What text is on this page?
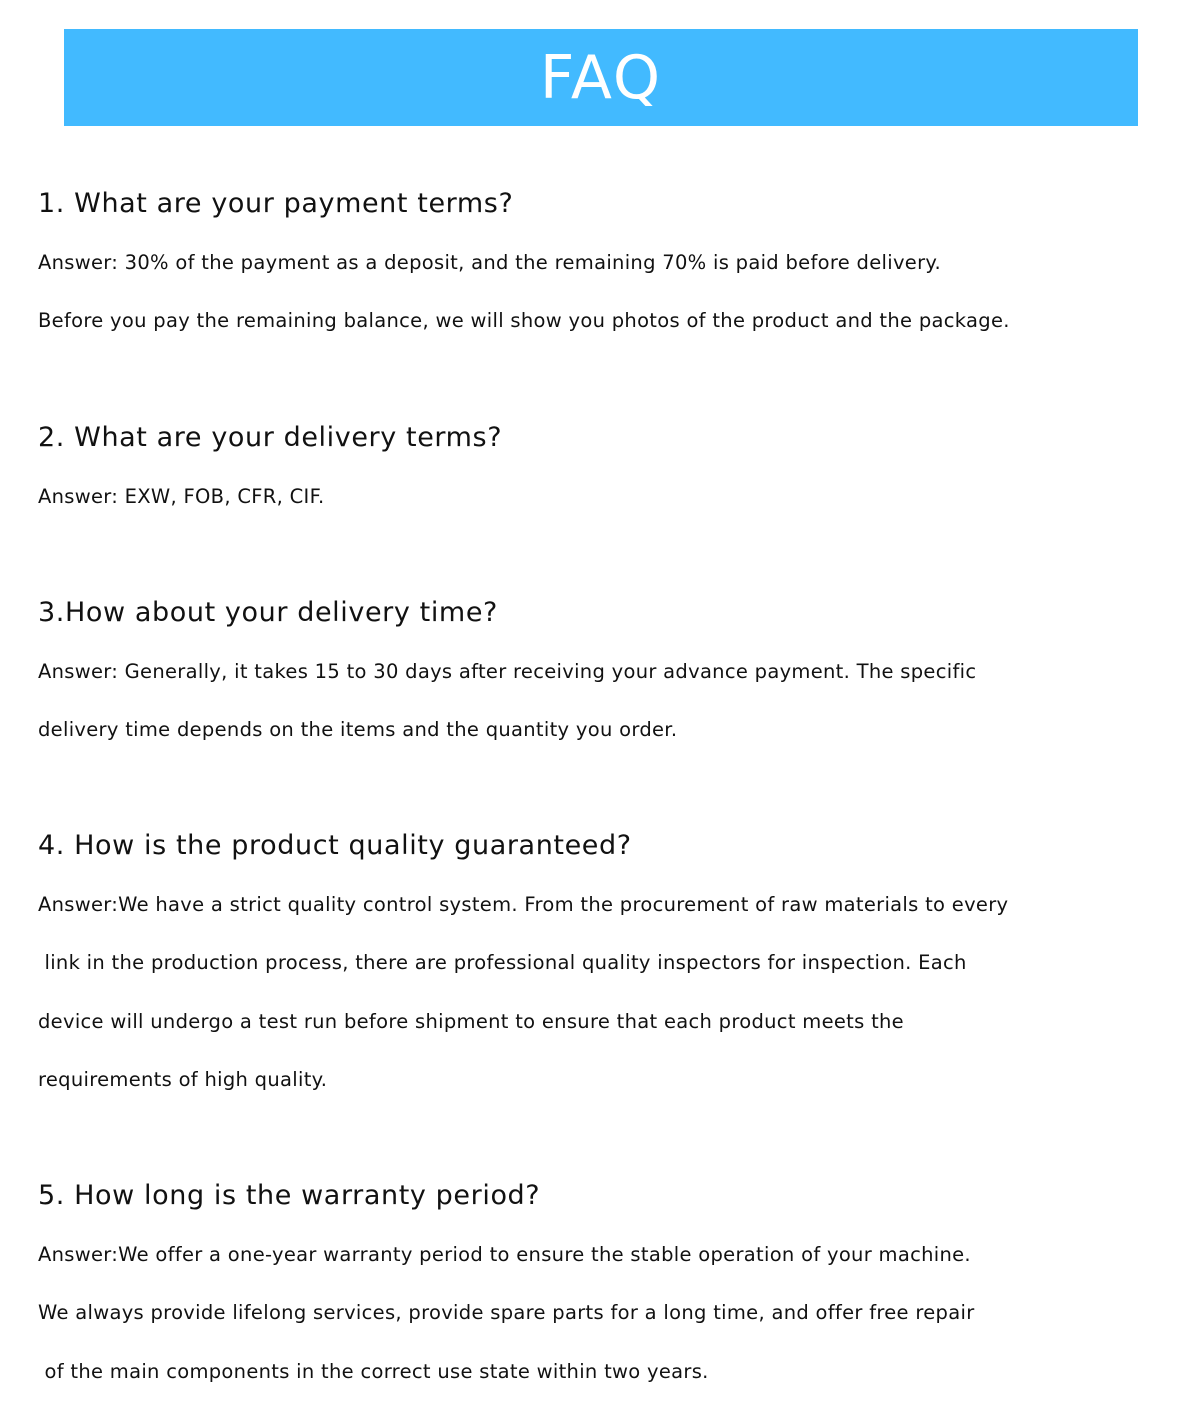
FAQ
1. What are your payment terms?
Answer: 30% of the payment as a deposit, and the remaining 70% is paid before delivery.
Before you pay the remaining balance, we will show you photos of the product and the package.
2. What are your delivery terms?
Answer: EXW, FOB, CFR, CIF.
3.How about your delivery time?
Answer: Generally, it takes 15 to 30 days after receiving your advance payment. The specific
delivery time depends on the items and the quantity you order.
4. How is the product quality guaranteed?
Answer:We have a strict quality control system. From the procurement of raw materials to every
link in the production process, there are professional quality inspectors for inspection. Each
device will undergo a test run before shipment to ensure that each product meets the
requirements of high quality.
5. How long is the warranty period?
Answer:We offer a one-year warranty period to ensure the stable operation of your machine.
We always provide lifelong services, provide spare parts for a long time, and offer free repair
of the main components in the correct use state within two years.
